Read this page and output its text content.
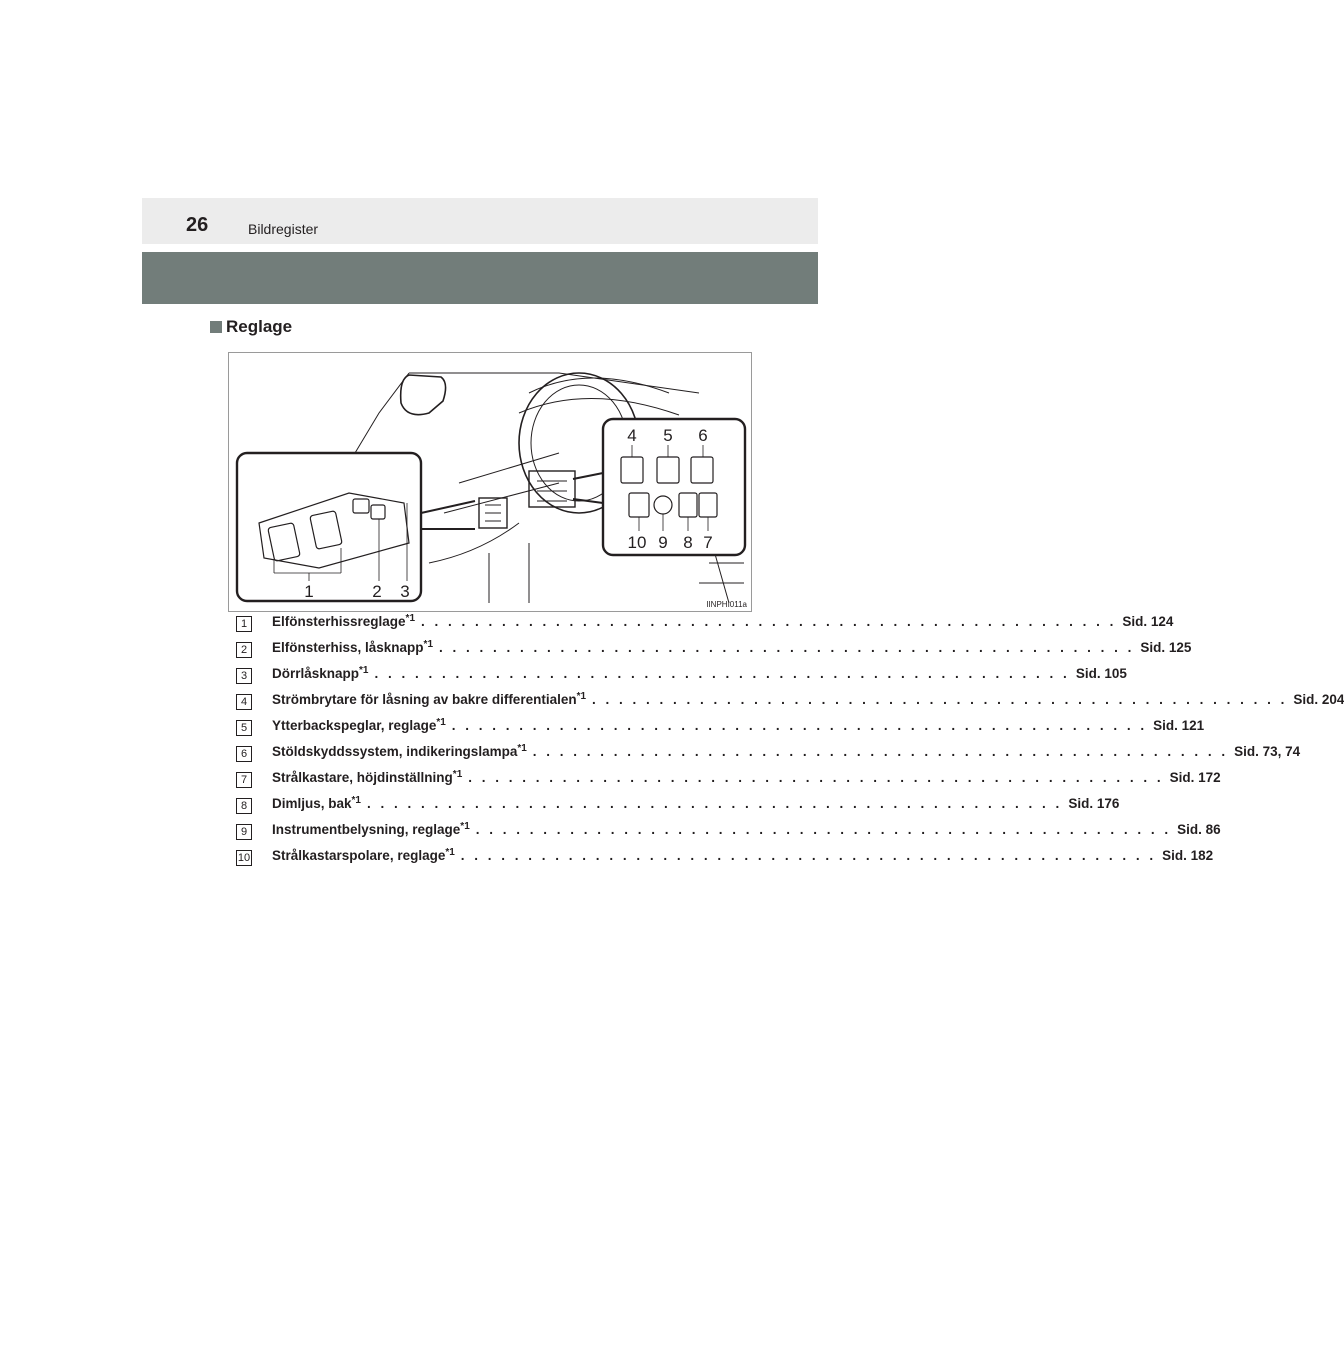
26	Bildregister
Reglage
1	2 3
4 5 6
7
8
9
10
IINPHI011a
1	Elfönsterhissreglage$^{*1}$ . . . . . . . . . . . . . . . . . . . . . . . . . . . . . . . . . . . . . . . . . . . . . . . . . . . . Sid. 124
2	Elfönsterhiss, låsknapp$^{*1}$ . . . . . . . . . . . . . . . . . . . . . . . . . . . . . . . . . . . . . . . . . . . . . . . . . . . . Sid. 125
3	Dörrlåsknapp$^{*1}$ . . . . . . . . . . . . . . . . . . . . . . . . . . . . . . . . . . . . . . . . . . . . . . . . . . . . Sid. 105
4	Strömbrytare för låsning av bakre differentialen$^{*1}$ . . . . . . . . . . . . . . . . . . . . . . . . . . . . . . . . . . . . . . . . . . . . . . . . . . . . Sid. 204
5	Ytterbackspeglar, reglage$^{*1}$ . . . . . . . . . . . . . . . . . . . . . . . . . . . . . . . . . . . . . . . . . . . . . . . . . . . . Sid. 121
6	Stöldskyddssystem, indikeringslampa$^{*1}$ . . . . . . . . . . . . . . . . . . . . . . . . . . . . . . . . . . . . . . . . . . . . . . . . . . . . Sid. 73, 74
7	Strålkastare, höjdinställning$^{*1}$ . . . . . . . . . . . . . . . . . . . . . . . . . . . . . . . . . . . . . . . . . . . . . . . . . . . . Sid. 172
8	Dimljus, bak$^{*1}$ . . . . . . . . . . . . . . . . . . . . . . . . . . . . . . . . . . . . . . . . . . . . . . . . . . . . Sid. 176
9	Instrumentbelysning, reglage$^{*1}$ . . . . . . . . . . . . . . . . . . . . . . . . . . . . . . . . . . . . . . . . . . . . . . . . . . . . Sid. 86
10 Strålkastarspolare, reglage$^{*1}$ . . . . . . . . . . . . . . . . . . . . . . . . . . . . . . . . . . . . . . . . . . . . . . . . . . . . Sid. 182
